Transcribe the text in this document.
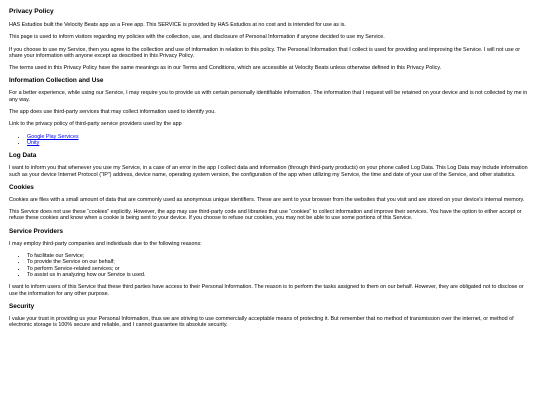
Privacy Policy

HAS Estudios built the Velocity Beats app as a Free app. This SERVICE is provided by HAS Estudios at no cost and is intended for use as is.

This page is used to inform visitors regarding my policies with the collection, use, and disclosure of Personal Information if anyone decided to use my Service.

If you choose to use my Service, then you agree to the collection and use of information in relation to this policy. The Personal Information that I collect is used for providing and improving the Service. I will not use or share your information with anyone except as described in this Privacy Policy.

The terms used in this Privacy Policy have the same meanings as in our Terms and Conditions, which are accessible at Velocity Beats unless otherwise defined in this Privacy Policy.

Information Collection and Use

For a better experience, while using our Service, I may require you to provide us with certain personally identifiable information. The information that I request will be retained on your device and is not collected by me in any way.

The app does use third-party services that may collect information used to identify you.

Link to the privacy policy of third-party service providers used by the app

• Google Play Services
• Unity
Log Data

I want to inform you that whenever you use my Service, in a case of an error in the app I collect data and information (through third-party products) on your phone called Log Data. This Log Data may include information such as your device Internet Protocol (“IP”) address, device name, operating system version, the configuration of the app when utilizing my Service, the time and date of your use of the Service, and other statistics.

Cookies

Cookies are files with a small amount of data that are commonly used as anonymous unique identifiers. These are sent to your browser from the websites that you visit and are stored on your device's internal memory.

This Service does not use these “cookies” explicitly. However, the app may use third-party code and libraries that use “cookies” to collect information and improve their services. You have the option to either accept or refuse these cookies and know when a cookie is being sent to your device. If you choose to refuse our cookies, you may not be able to use some portions of this Service.

Service Providers

I may employ third-party companies and individuals due to the following reasons:

• To facilitate our Service;
• To provide the Service on our behalf;
• To perform Service-related services; or
• To assist us in analyzing how our Service is used.

I want to inform users of this Service that these third parties have access to their Personal Information. The reason is to perform the tasks assigned to them on our behalf. However, they are obligated not to disclose or use the information for any other purpose.

Security

I value your trust in providing us your Personal Information, thus we are striving to use commercially acceptable means of protecting it. But remember that no method of transmission over the internet, or method of electronic storage is 100% secure and reliable, and I cannot guarantee its absolute security.
